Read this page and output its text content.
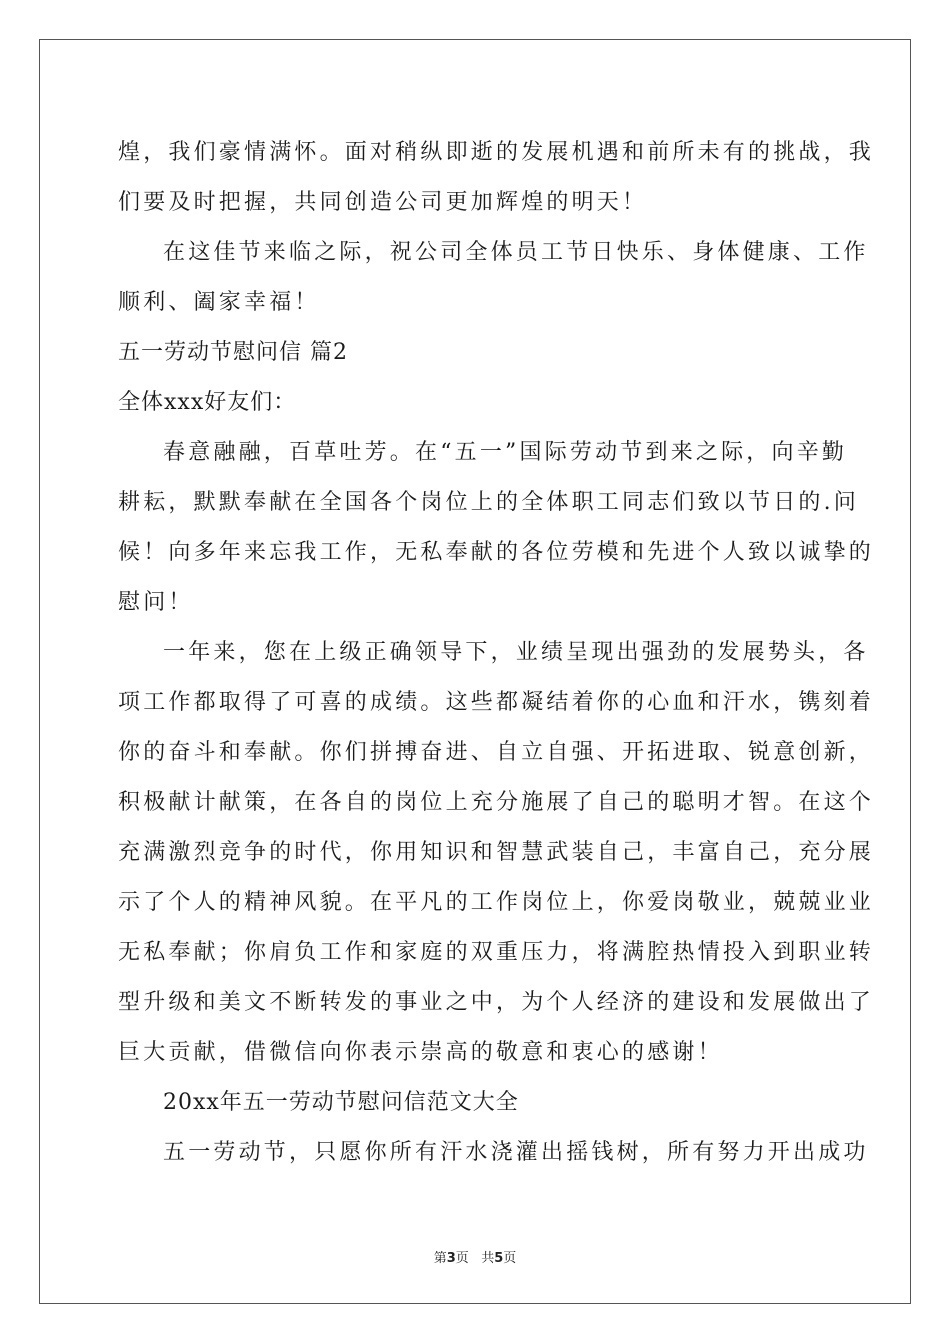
煌，我们豪情满怀。面对稍纵即逝的发展机遇和前所未有的挑战，我
们要及时把握，共同创造公司更加辉煌的明天！
在这佳节来临之际，祝公司全体员工节日快乐、身体健康、工作
顺利、阖家幸福！
五一劳动节慰问信 篇2
全体xxx好友们：
春意融融，百草吐芳。在“五一”国际劳动节到来之际，向辛勤
耕耘，默默奉献在全国各个岗位上的全体职工同志们致以节日的.问
候！向多年来忘我工作，无私奉献的各位劳模和先进个人致以诚挚的
慰问！
一年来，您在上级正确领导下，业绩呈现出强劲的发展势头，各
项工作都取得了可喜的成绩。这些都凝结着你的心血和汗水，镌刻着
你的奋斗和奉献。你们拼搏奋进、自立自强、开拓进取、锐意创新，
积极献计献策，在各自的岗位上充分施展了自己的聪明才智。在这个
充满激烈竞争的时代，你用知识和智慧武装自己，丰富自己，充分展
示了个人的精神风貌。在平凡的工作岗位上，你爱岗敬业，兢兢业业
无私奉献；你肩负工作和家庭的双重压力，将满腔热情投入到职业转
型升级和美文不断转发的事业之中，为个人经济的建设和发展做出了
巨大贡献，借微信向你表示崇高的敬意和衷心的感谢！
20xx年五一劳动节慰问信范文大全
五一劳动节，只愿你所有汗水浇灌出摇钱树，所有努力开出成功
第3页 共5页
